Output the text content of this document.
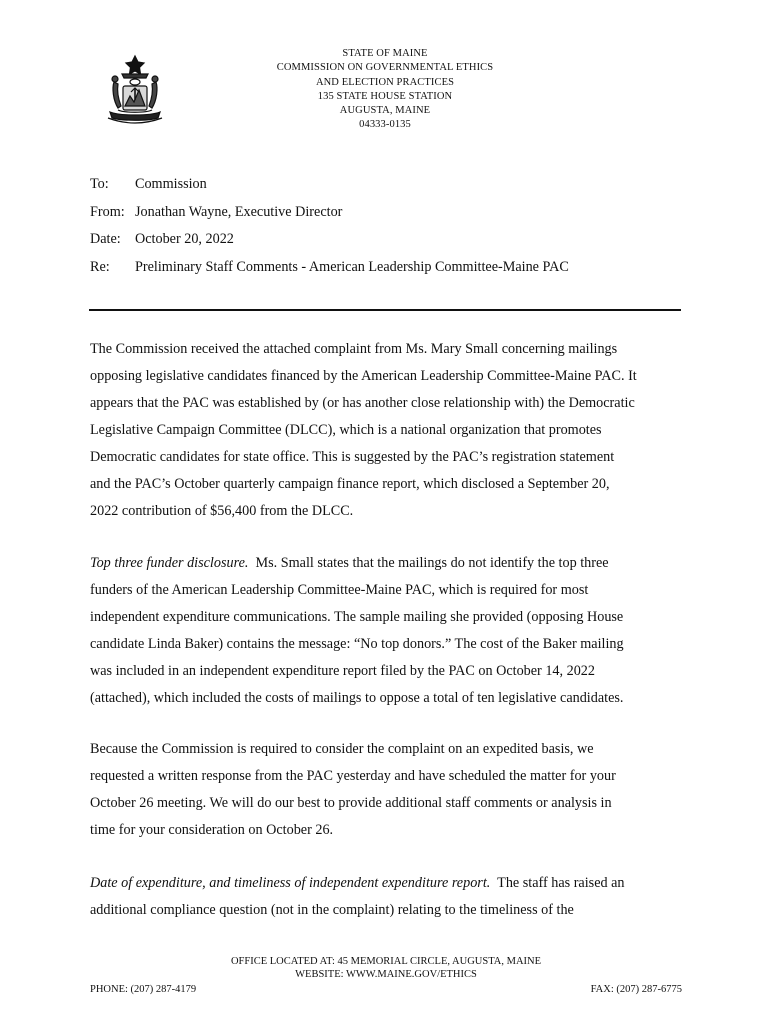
STATE OF MAINE
COMMISSION ON GOVERNMENTAL ETHICS
AND ELECTION PRACTICES
135 STATE HOUSE STATION
AUGUSTA, MAINE
04333-0135
To: Commission
From: Jonathan Wayne, Executive Director
Date: October 20, 2022
Re: Preliminary Staff Comments - American Leadership Committee-Maine PAC
The Commission received the attached complaint from Ms. Mary Small concerning mailings
opposing legislative candidates financed by the American Leadership Committee-Maine PAC. It
appears that the PAC was established by (or has another close relationship with) the Democratic
Legislative Campaign Committee (DLCC), which is a national organization that promotes
Democratic candidates for state office. This is suggested by the PAC’s registration statement
and the PAC’s October quarterly campaign finance report, which disclosed a September 20,
2022 contribution of $56,400 from the DLCC.
Top three funder disclosure.  Ms. Small states that the mailings do not identify the top three
funders of the American Leadership Committee-Maine PAC, which is required for most
independent expenditure communications. The sample mailing she provided (opposing House
candidate Linda Baker) contains the message: “No top donors.” The cost of the Baker mailing
was included in an independent expenditure report filed by the PAC on October 14, 2022
(attached), which included the costs of mailings to oppose a total of ten legislative candidates.
Because the Commission is required to consider the complaint on an expedited basis, we
requested a written response from the PAC yesterday and have scheduled the matter for your
October 26 meeting. We will do our best to provide additional staff comments or analysis in
time for your consideration on October 26.
Date of expenditure, and timeliness of independent expenditure report.  The staff has raised an
additional compliance question (not in the complaint) relating to the timeliness of the
OFFICE LOCATED AT: 45 MEMORIAL CIRCLE, AUGUSTA, MAINE
WEBSITE: WWW.MAINE.GOV/ETHICS
PHONE: (207) 287-4179	FAX: (207) 287-6775
